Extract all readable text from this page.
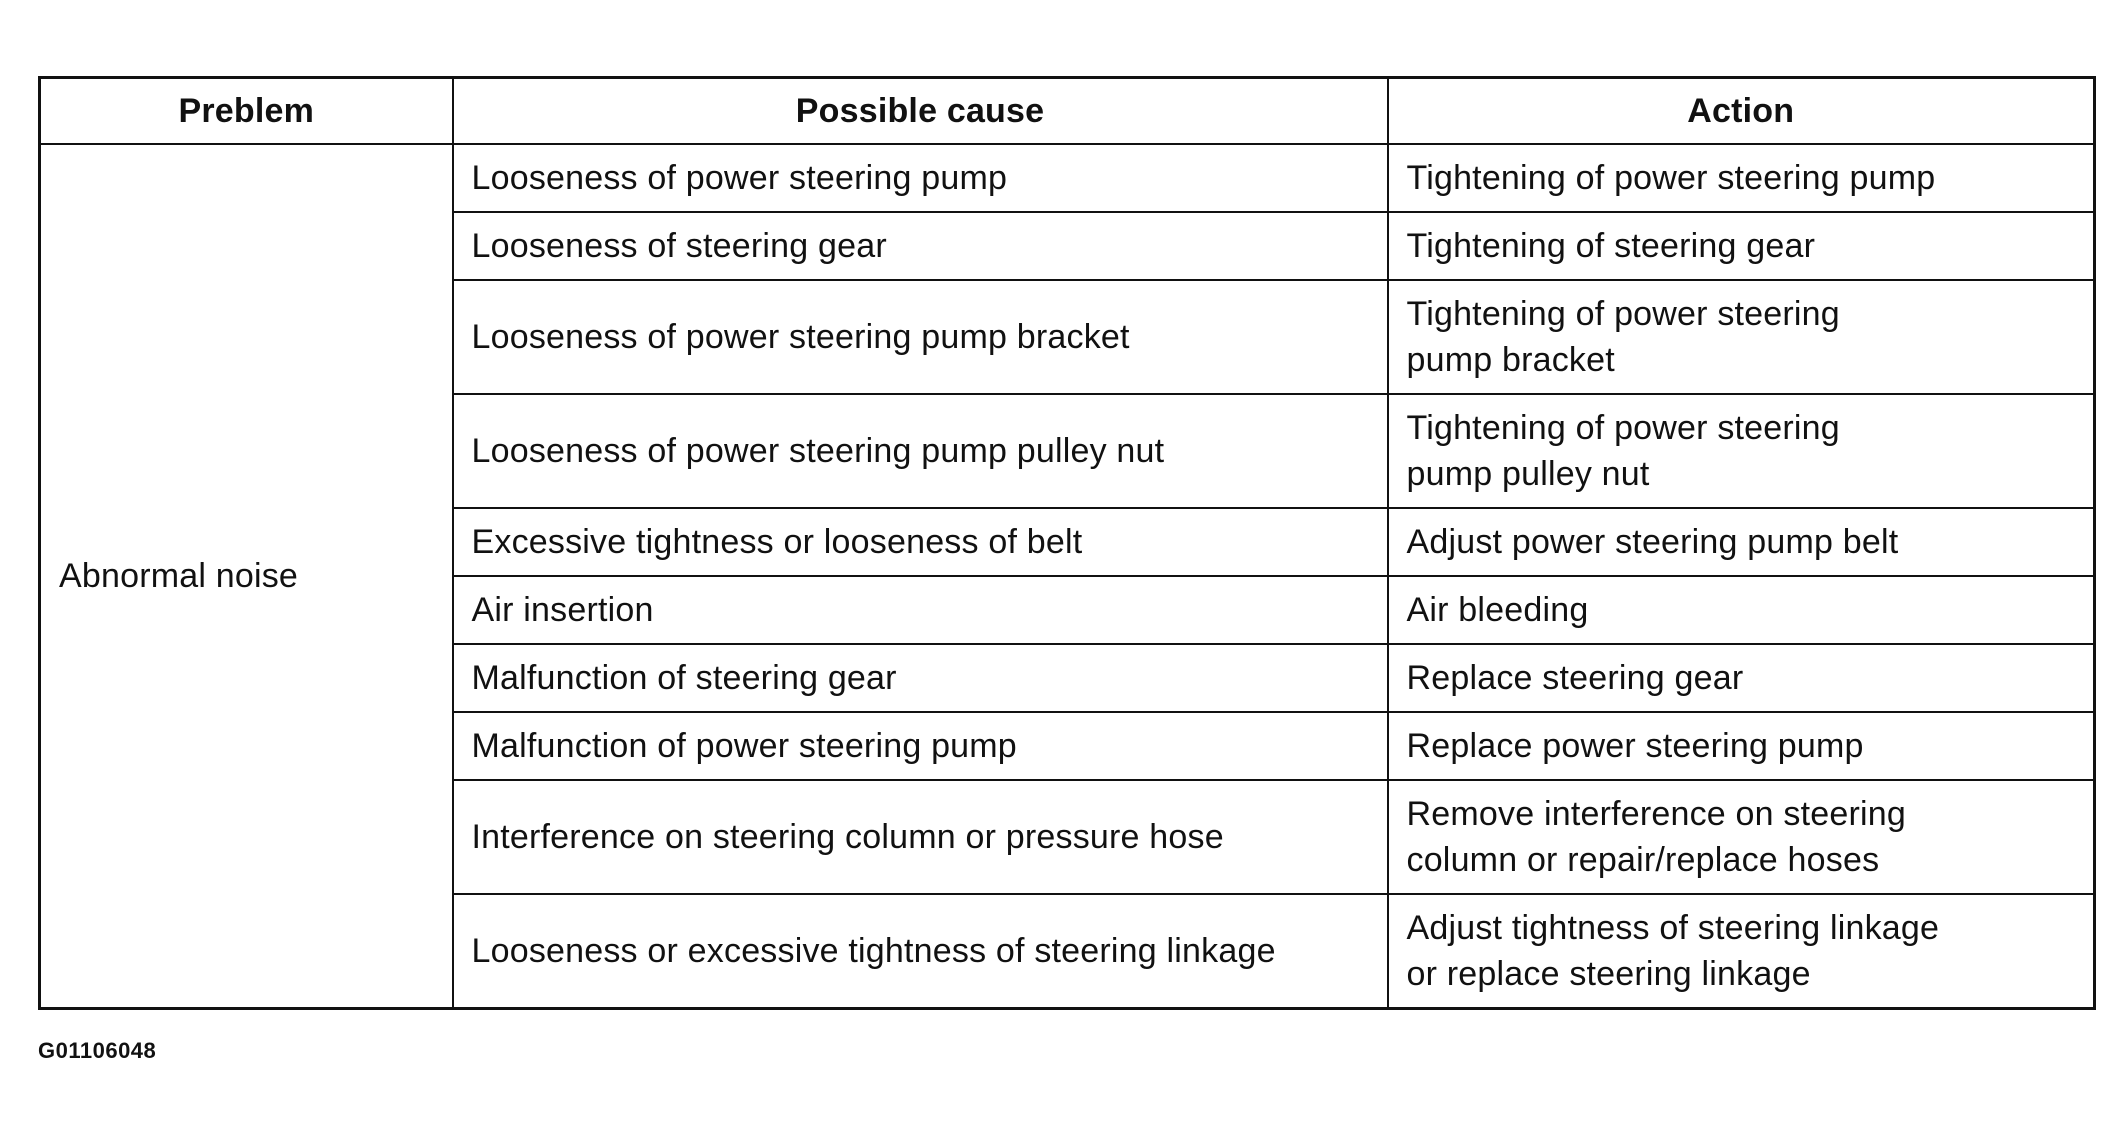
Preblem	Possible cause	Action
Abnormal noise	Looseness of power steering pump	Tightening of power steering pump

	Looseness of steering gear	Tightening of steering gear

	Looseness of power steering pump bracket	Tightening of power steering
pump bracket

	Looseness of power steering pump pulley nut	Tightening of power steering
pump pulley nut

	Excessive tightness or looseness of belt	Adjust power steering pump belt

	Air insertion	Air bleeding

	Malfunction of steering gear	Replace steering gear

	Malfunction of power steering pump	Replace power steering pump

	Interference on steering column or pressure hose	Remove interference on steering
column or repair/replace hoses

	Looseness or excessive tightness of steering linkage	Adjust tightness of steering linkage
or replace steering linkage
G01106048
